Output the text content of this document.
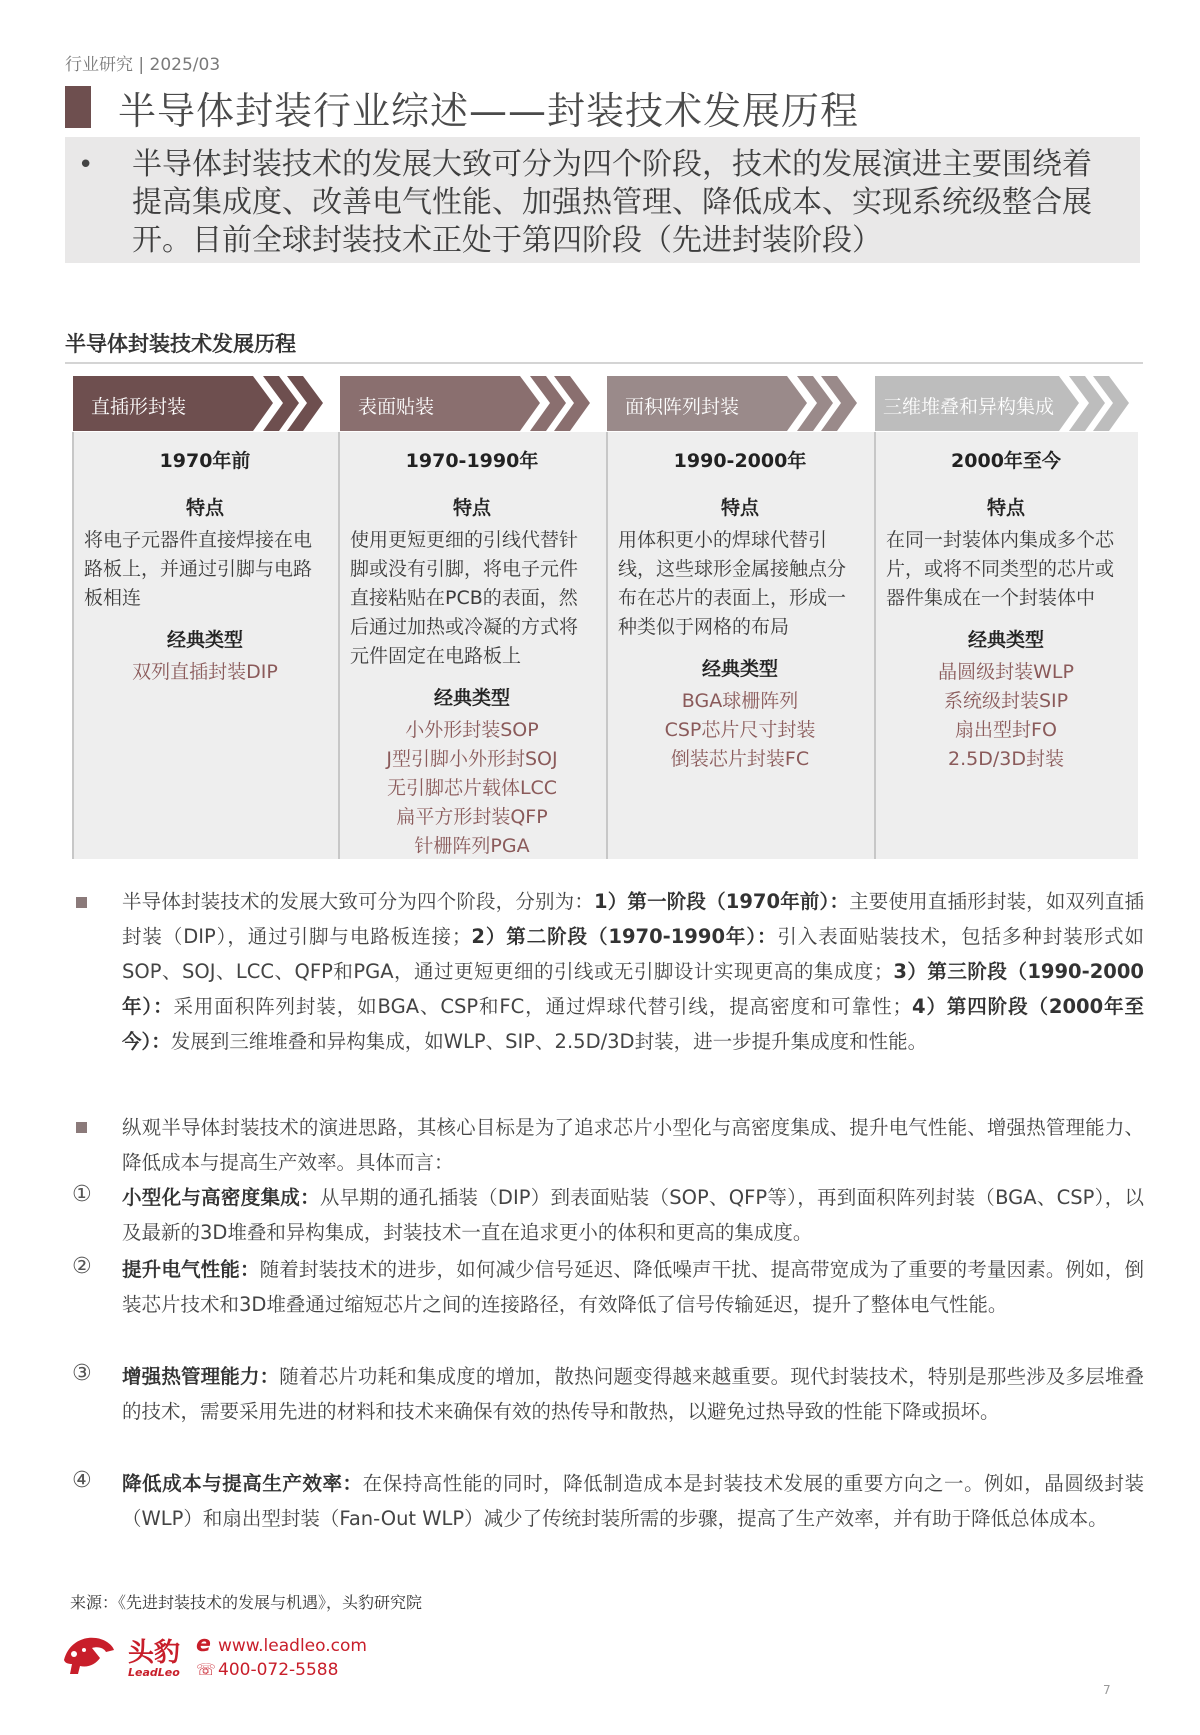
行业研究 | 2025/03
半导体封装行业综述——封装技术发展历程
• 半导体封装技术的发展大致可分为四个阶段，技术的发展演进主要围绕着提高集成度、改善电气性能、加强热管理、降低成本、实现系统级整合展开。目前全球封装技术正处于第四阶段（先进封装阶段）
半导体封装技术发展历程
直插形封装
1970年前
特点
将电子元器件直接焊接在电路板上，并通过引脚与电路板相连
经典类型
双列直插封装DIP
表面贴装
1970-1990年
特点
使用更短更细的引线代替针脚或没有引脚，将电子元件直接粘贴在PCB的表面，然后通过加热或冷凝的方式将元件固定在电路板上
经典类型
小外形封装SOP
J型引脚小外形封SOJ
无引脚芯片载体LCC
扁平方形封装QFP
针栅阵列PGA
面积阵列封装
1990-2000年
特点
用体积更小的焊球代替引线，这些球形金属接触点分布在芯片的表面上，形成一种类似于网格的布局
经典类型
BGA球栅阵列
CSP芯片尺寸封装
倒装芯片封装FC
三维堆叠和异构集成
2000年至今
特点
在同一封装体内集成多个芯片，或将不同类型的芯片或器件集成在一个封装体中
经典类型
晶圆级封装WLP
系统级封装SIP
扇出型封FO
2.5D/3D封装
半导体封装技术的发展大致可分为四个阶段，分别为：1）第一阶段（1970年前）：主要使用直插形封装，如双列直插封装（DIP），通过引脚与电路板连接；2）第二阶段（1970-1990年）：引入表面贴装技术，包括多种封装形式如SOP、SOJ、LCC、QFP和PGA，通过更短更细的引线或无引脚设计实现更高的集成度；3）第三阶段（1990-2000年）：采用面积阵列封装，如BGA、CSP和FC，通过焊球代替引线，提高密度和可靠性；4）第四阶段（2000年至今）：发展到三维堆叠和异构集成，如WLP、SIP、2.5D/3D封装，进一步提升集成度和性能。
纵观半导体封装技术的演进思路，其核心目标是为了追求芯片小型化与高密度集成、提升电气性能、增强热管理能力、降低成本与提高生产效率。具体而言：
① 小型化与高密度集成：从早期的通孔插装（DIP）到表面贴装（SOP、QFP等），再到面积阵列封装（BGA、CSP），以及最新的3D堆叠和异构集成，封装技术一直在追求更小的体积和更高的集成度。
② 提升电气性能：随着封装技术的进步，如何减少信号延迟、降低噪声干扰、提高带宽成为了重要的考量因素。例如，倒装芯片技术和3D堆叠通过缩短芯片之间的连接路径，有效降低了信号传输延迟，提升了整体电气性能。
③ 增强热管理能力：随着芯片功耗和集成度的增加，散热问题变得越来越重要。现代封装技术，特别是那些涉及多层堆叠的技术，需要采用先进的材料和技术来确保有效的热传导和散热，以避免过热导致的性能下降或损坏。
④ 降低成本与提高生产效率：在保持高性能的同时，降低制造成本是封装技术发展的重要方向之一。例如，晶圆级封装（WLP）和扇出型封装（Fan-Out WLP）减少了传统封装所需的步骤，提高了生产效率，并有助于降低总体成本。
来源：《先进封装技术的发展与机遇》，头豹研究院
头豹
LeadLeo
e www.leadleo.com
☏ 400-072-5588
7
